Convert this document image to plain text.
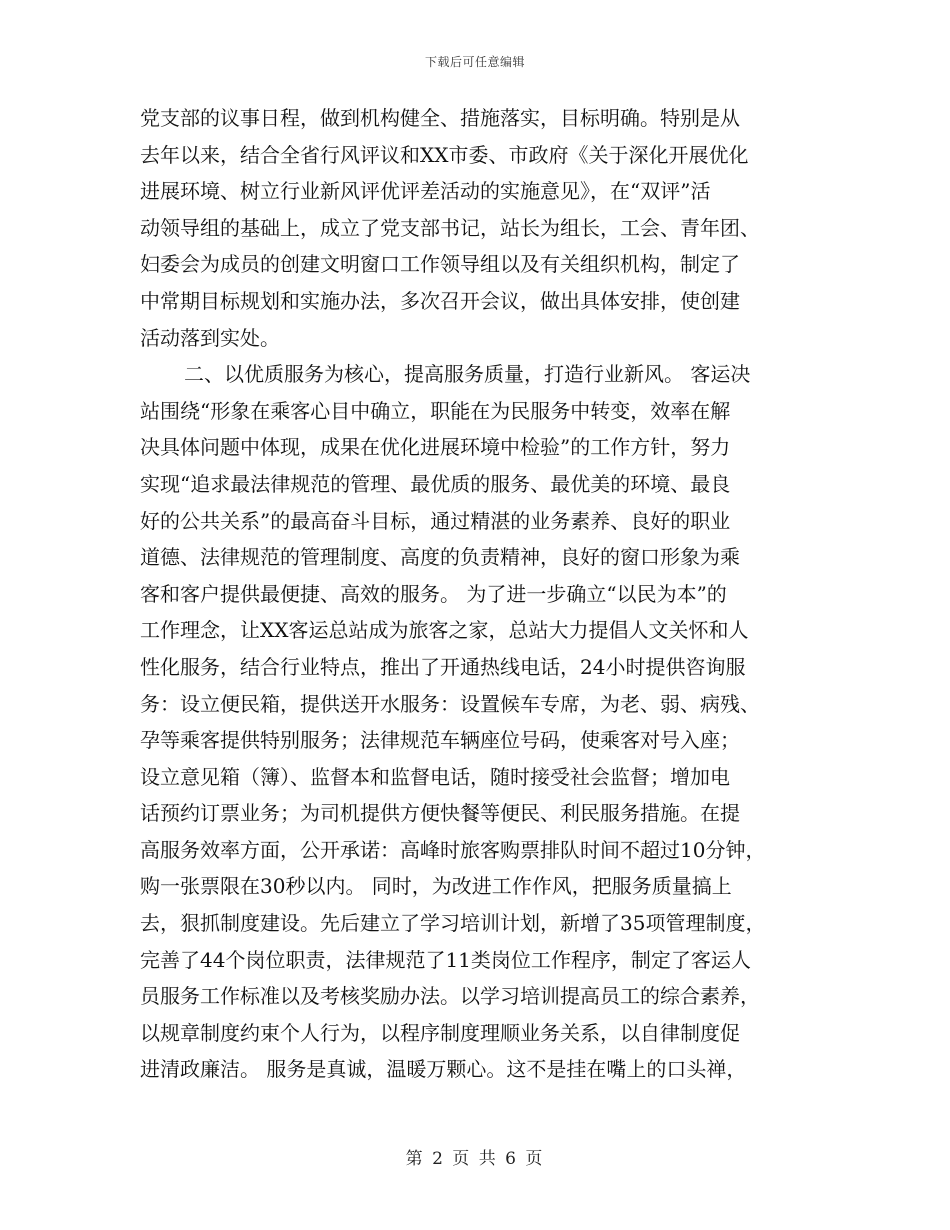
下载后可任意编辑
党支部的议事日程，做到机构健全、措施落实，目标明确。特别是从
去年以来，结合全省行风评议和XX市委、市政府《关于深化开展优化
进展环境、树立行业新风评优评差活动的实施意见》，在“双评”活
动领导组的基础上，成立了党支部书记，站长为组长，工会、青年团、
妇委会为成员的创建文明窗口工作领导组以及有关组织机构，制定了
中常期目标规划和实施办法，多次召开会议，做出具体安排，使创建
活动落到实处。
二、以优质服务为核心，提高服务质量，打造行业新风。 客运决
站围绕“形象在乘客心目中确立，职能在为民服务中转变，效率在解
决具体问题中体现，成果在优化进展环境中检验”的工作方针，努力
实现“追求最法律规范的管理、最优质的服务、最优美的环境、最良
好的公共关系”的最高奋斗目标，通过精湛的业务素养、良好的职业
道德、法律规范的管理制度、高度的负责精神，良好的窗口形象为乘
客和客户提供最便捷、高效的服务。 为了进一步确立“以民为本”的
工作理念，让XX客运总站成为旅客之家，总站大力提倡人文关怀和人
性化服务，结合行业特点，推出了开通热线电话，24小时提供咨询服
务：设立便民箱，提供送开水服务：设置候车专席，为老、弱、病残、
孕等乘客提供特别服务；法律规范车辆座位号码，使乘客对号入座；
设立意见箱（簿）、监督本和监督电话，随时接受社会监督；增加电
话预约订票业务；为司机提供方便快餐等便民、利民服务措施。在提
高服务效率方面，公开承诺：高峰时旅客购票排队时间不超过10分钟，
购一张票限在30秒以内。 同时，为改进工作作风，把服务质量搞上
去，狠抓制度建设。先后建立了学习培训计划，新增了35项管理制度，
完善了44个岗位职责，法律规范了11类岗位工作程序，制定了客运人
员服务工作标准以及考核奖励办法。以学习培训提高员工的综合素养，
以规章制度约束个人行为，以程序制度理顺业务关系，以自律制度促
进清政廉洁。 服务是真诚，温暖万颗心。这不是挂在嘴上的口头禅，
第 2 页 共 6 页
